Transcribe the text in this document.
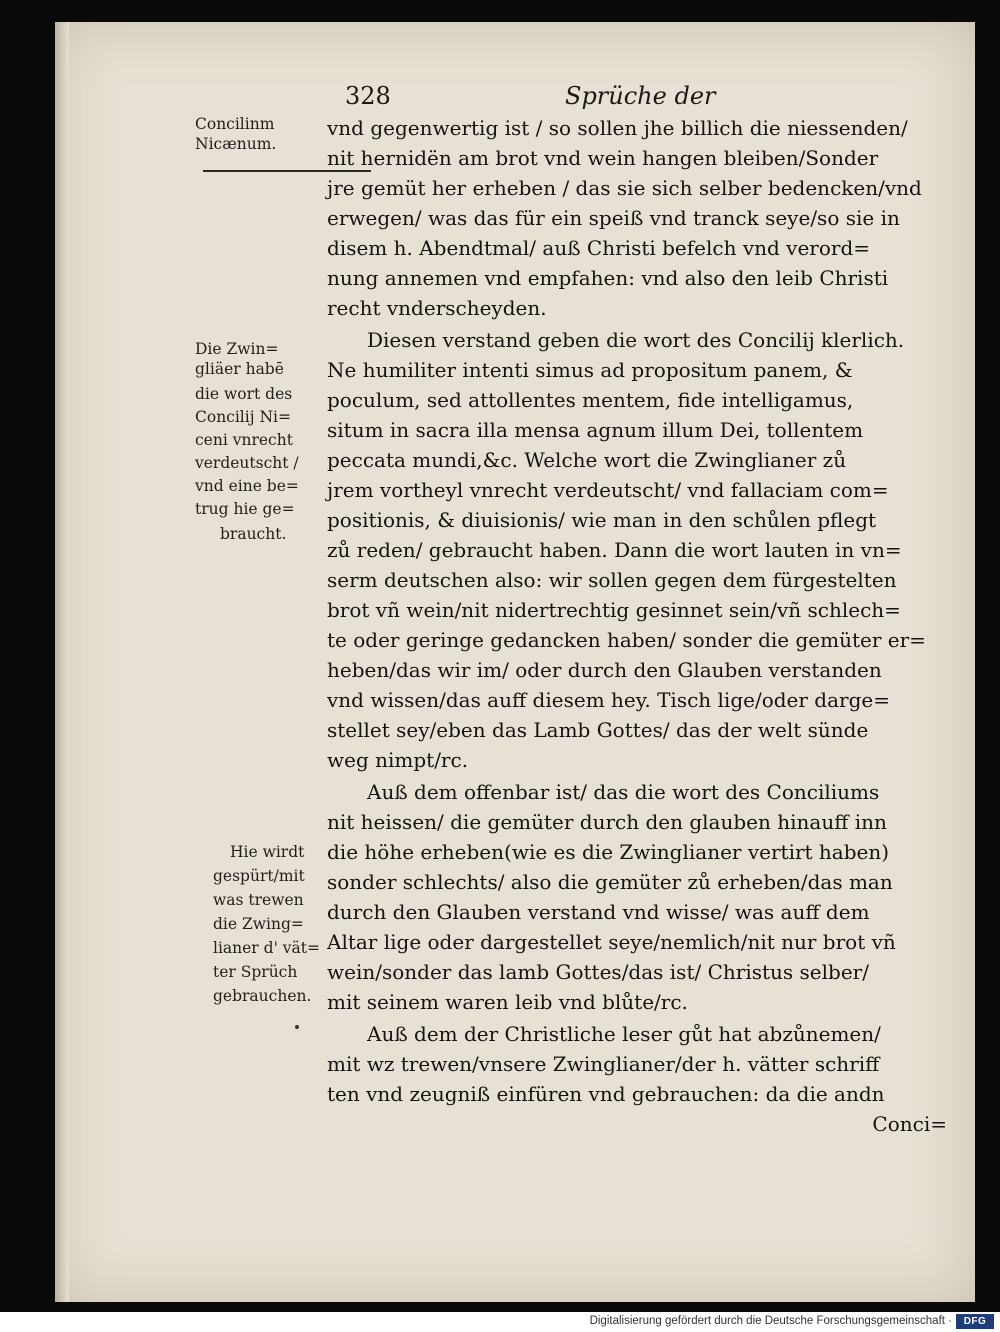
328	Sprüche der
Concilinm
Nicænum.
Die Zwin=
gliäer habē
die wort des
Concilij Ni=
ceni vnrecht
verdeutscht /
vnd eine be=
trug hie ge=
braucht.
Hie wirdt
gespürt/mit
was trewen
die Zwing=
lianer d' vät=
ter Sprüch
gebrauchen.
vnd gegenwertig ist / so sollen jhe billich die niessenden/
nit hernidën am brot vnd wein hangen bleiben/Sonder
jre gemüt her erheben / das sie sich selber bedencken/vnd
erwegen/ was das für ein speiß vnd tranck seye/so sie in
disem h. Abendtmal/ auß Christi befelch vnd verord=
nung annemen vnd empfahen: vnd also den leib Christi
recht vnderscheyden.
Diesen verstand geben die wort des Concilij klerlich.
Ne humiliter intenti simus ad propositum panem, &
poculum, sed attollentes mentem, fide intelligamus,
situm in sacra illa mensa agnum illum Dei, tollentem
peccata mundi,&c. Welche wort die Zwinglianer zů
jrem vortheyl vnrecht verdeutscht/ vnd fallaciam com=
positionis, & diuisionis/ wie man in den schůlen pflegt
zů reden/ gebraucht haben. Dann die wort lauten in vn=
serm deutschen also: wir sollen gegen dem fürgestelten
brot vñ wein/nit nidertrechtig gesinnet sein/vñ schlech=
te oder geringe gedancken haben/ sonder die gemüter er=
heben/das wir im/ oder durch den Glauben verstanden
vnd wissen/das auff diesem hey. Tisch lige/oder darge=
stellet sey/eben das Lamb Gottes/ das der welt sünde
weg nimpt/rc.
Auß dem offenbar ist/ das die wort des Conciliums
nit heissen/ die gemüter durch den glauben hinauff inn
die höhe erheben(wie es die Zwinglianer vertirt haben)
sonder schlechts/ also die gemüter zů erheben/das man
durch den Glauben verstand vnd wisse/ was auff dem
Altar lige oder dargestellet seye/nemlich/nit nur brot vñ
wein/sonder das lamb Gottes/das ist/ Christus selber/
mit seinem waren leib vnd blůte/rc.
Auß dem der Christliche leser gůt hat abzůnemen/
mit wz trewen/vnsere Zwinglianer/der h. vätter schriff
ten vnd zeugniß einfüren vnd gebrauchen: da die andn
Conci=
Digitalisierung gefördert durch die Deutsche Forschungsgemeinschaft ·	DFG
